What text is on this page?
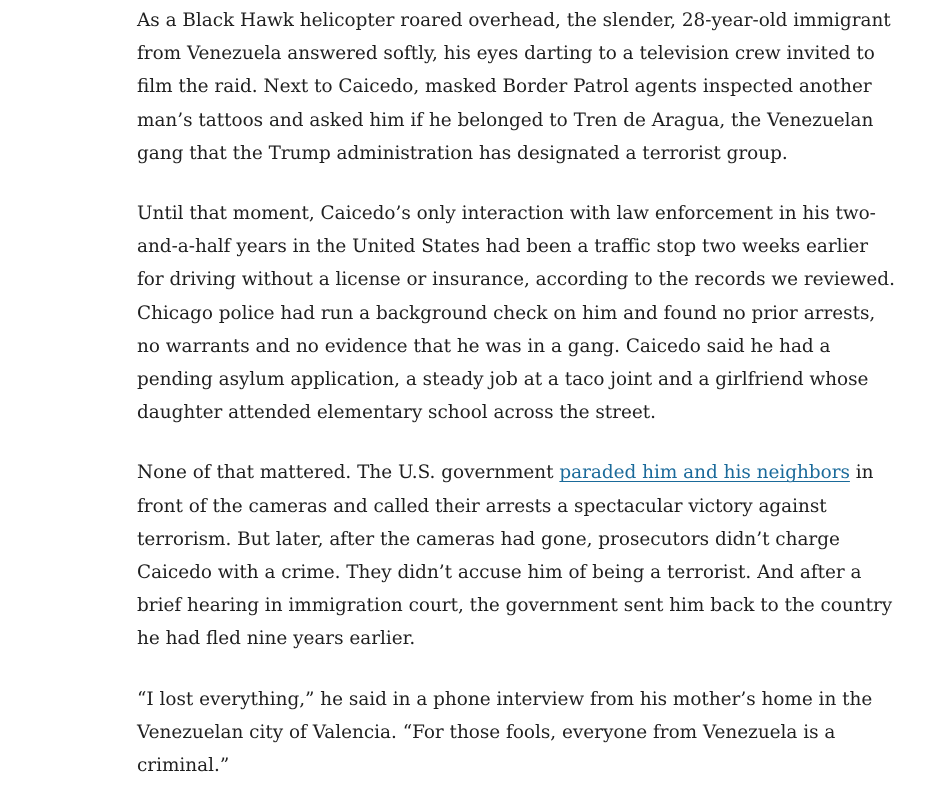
As a Black Hawk helicopter roared overhead, the slender, 28-year-old immigrant from Venezuela answered softly, his eyes darting to a television crew invited to film the raid. Next to Caicedo, masked Border Patrol agents inspected another man’s tattoos and asked him if he belonged to Tren de Aragua, the Venezuelan gang that the Trump administration has designated a terrorist group.

Until that moment, Caicedo’s only interaction with law enforcement in his two-and-a-half years in the United States had been a traffic stop two weeks earlier for driving without a license or insurance, according to the records we reviewed. Chicago police had run a background check on him and found no prior arrests, no warrants and no evidence that he was in a gang. Caicedo said he had a pending asylum application, a steady job at a taco joint and a girlfriend whose daughter attended elementary school across the street.

None of that mattered. The U.S. government paraded him and his neighbors in front of the cameras and called their arrests a spectacular victory against terrorism. But later, after the cameras had gone, prosecutors didn’t charge Caicedo with a crime. They didn’t accuse him of being a terrorist. And after a brief hearing in immigration court, the government sent him back to the country he had fled nine years earlier.

“I lost everything,” he said in a phone interview from his mother’s home in the Venezuelan city of Valencia. “For those fools, everyone from Venezuela is a criminal.”
